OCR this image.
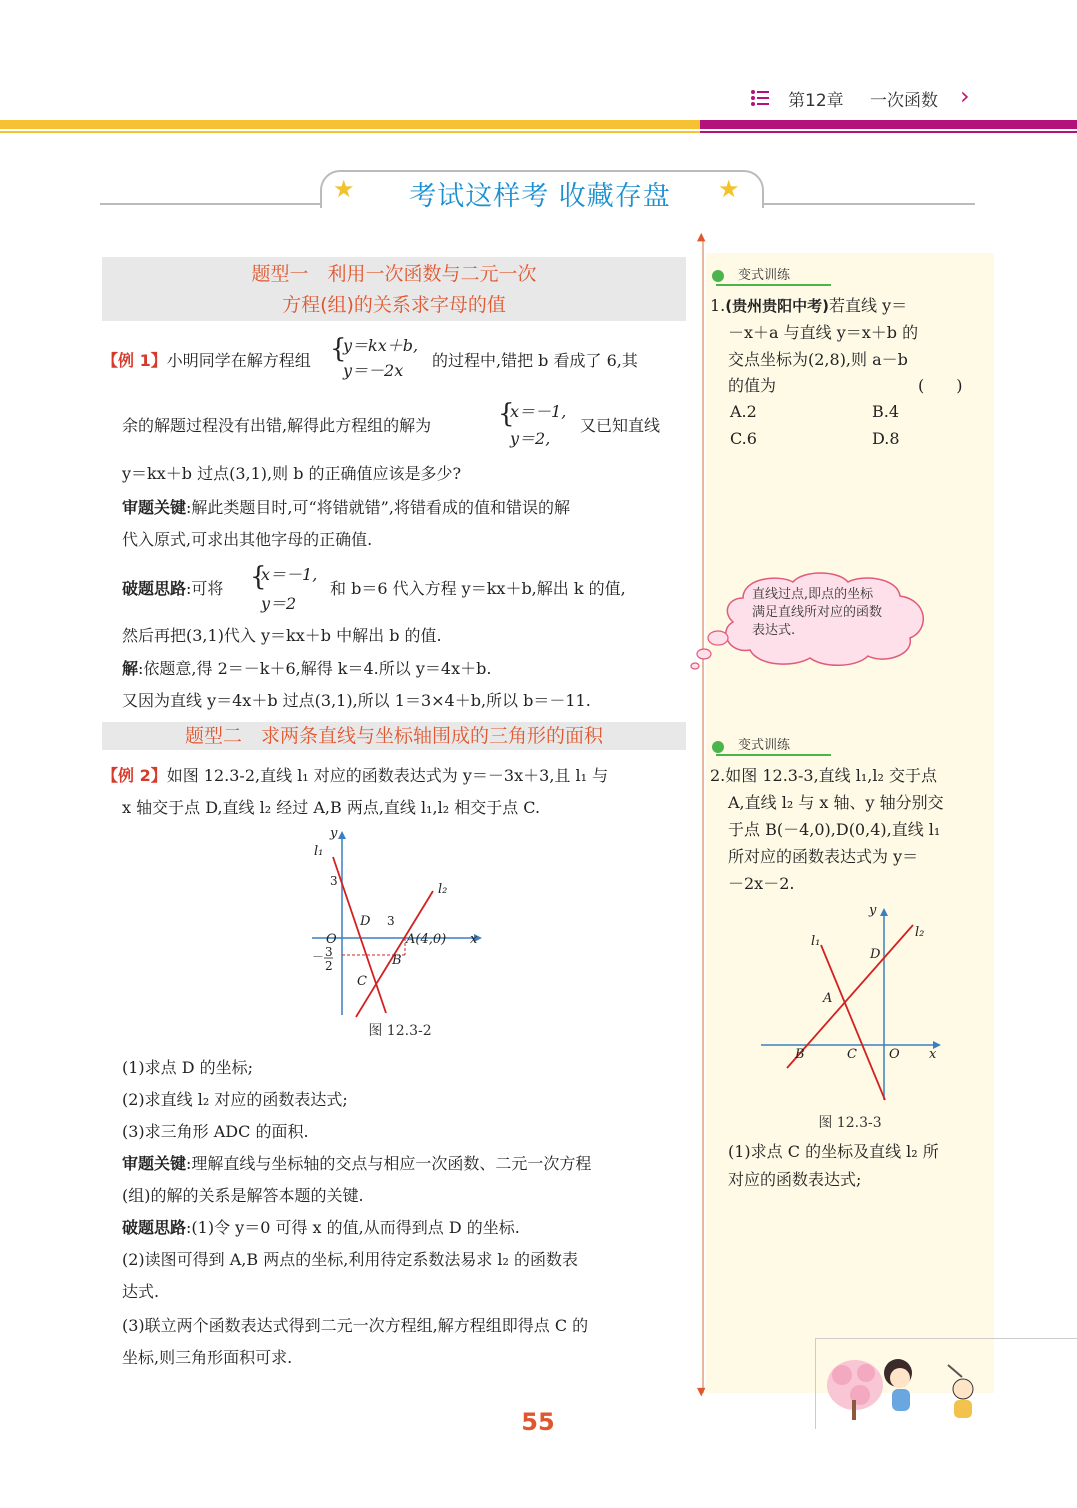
第12章 一次函数 ›
★	★
考试这样考 收藏存盘
题型一　利用一次函数与二元一次
方程(组)的关系求字母的值
【例 1】小明同学在解方程组 {
y＝kx＋b,
y＝－2x
的过程中,错把 b 看成了 6,其
余的解题过程没有出错,解得此方程组的解为	{
x＝－1,
y＝2,
又已知直线
y＝kx＋b 过点(3,1),则 b 的正确值应该是多少?
审题关键:解此类题目时,可“将错就错”,将错看成的值和错误的解
代入原式,可求出其他字母的正确值.
破题思路:可将 {
x＝－1,
y＝2
和 b＝6 代入方程 y＝kx＋b,解出 k 的值,
然后再把(3,1)代入 y＝kx＋b 中解出 b 的值.
解:依题意,得 2＝－k＋6,解得 k＝4.所以 y＝4x＋b.
又因为直线 y＝4x＋b 过点(3,1),所以 1＝3×4＋b,所以 b＝－11.
题型二　求两条直线与坐标轴围成的三角形的面积
【例 2】如图 12.3-2,直线 l₁ 对应的函数表达式为 y＝－3x＋3,且 l₁ 与
x 轴交于点 D,直线 l₂ 经过 A,B 两点,直线 l₁,l₂ 相交于点 C.
y
l₁
l₂
x
O
D
A(4,0)
B
C
3
3
－ 3
2
图 12.3-2
(1)求点 D 的坐标;
(2)求直线 l₂ 对应的函数表达式;
(3)求三角形 ADC 的面积.
审题关键:理解直线与坐标轴的交点与相应一次函数、二元一次方程
(组)的解的关系是解答本题的关键.
破题思路:(1)令 y＝0 可得 x 的值,从而得到点 D 的坐标.
(2)读图可得到 A,B 两点的坐标,利用待定系数法易求 l₂ 的函数表
达式.
(3)联立两个函数表达式得到二元一次方程组,解方程组即得点 C 的
坐标,则三角形面积可求.
▲
▼
变式训练
1.(贵州贵阳中考)若直线 y＝
－x＋a 与直线 y＝x＋b 的
交点坐标为(2,8),则 a－b
的值为	(　　)
A.2	B.4
C.6	D.8
直线过点,即点的坐标
满足直线所对应的函数
表达式.
变式训练
2.如图 12.3-3,直线 l₁,l₂ 交于点
A,直线 l₂ 与 x 轴、y 轴分别交
于点 B(－4,0),D(0,4),直线 l₁
所对应的函数表达式为 y＝
－2x－2.
y
l₂
l₁
D
A
B	C O x
图 12.3-3
(1)求点 C 的坐标及直线 l₂ 所
对应的函数表达式;
55
